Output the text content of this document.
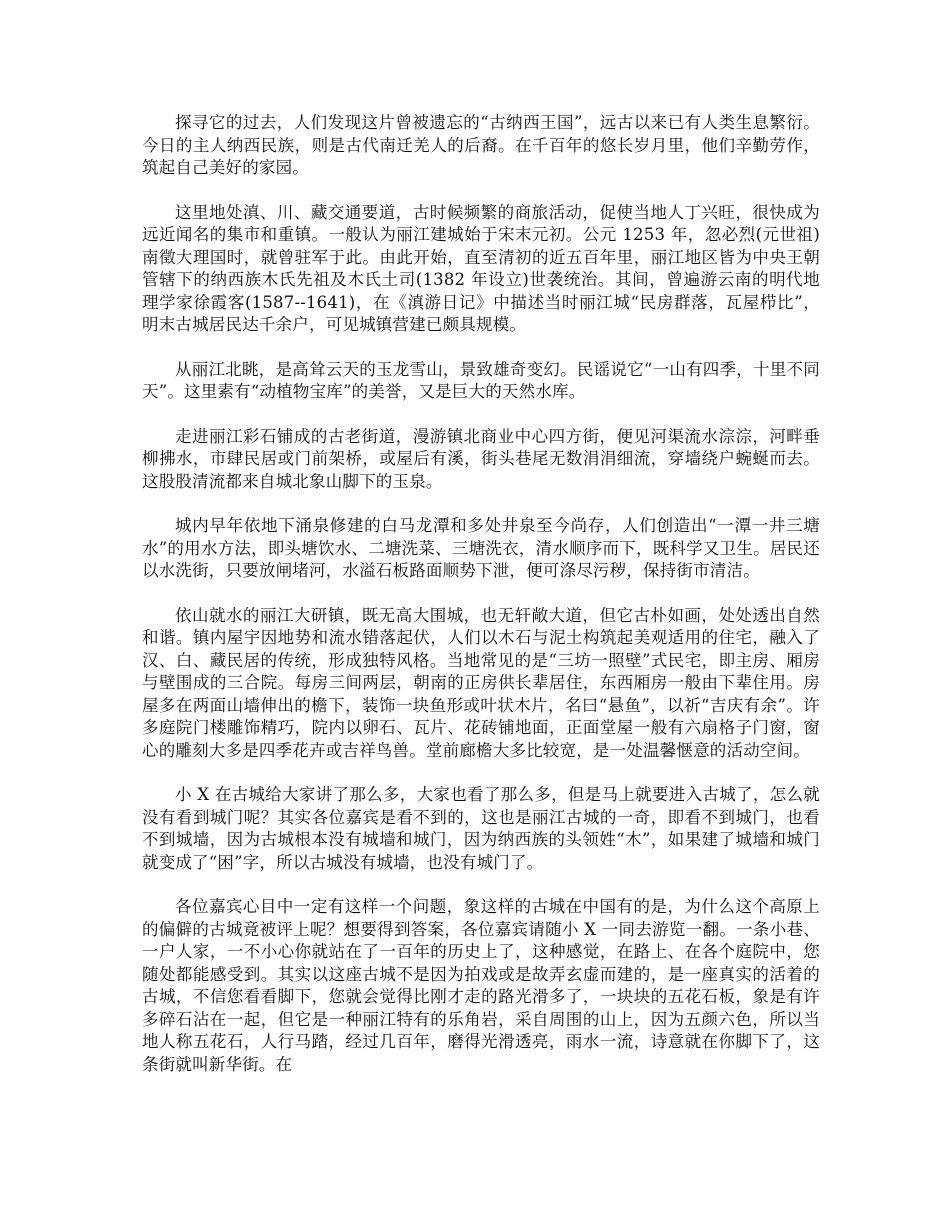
探寻它的过去，人们发现这片曾被遗忘的“古纳西王国”，远古以来已有人类生息繁衍。今日的主人纳西民族，则是古代南迁羌人的后裔。在千百年的悠长岁月里，他们辛勤劳作，筑起自己美好的家园。

这里地处滇、川、藏交通要道，古时候频繁的商旅活动，促使当地人丁兴旺，很快成为远近闻名的集市和重镇。一般认为丽江建城始于宋末元初。公元 1253 年，忽必烈(元世祖)南徵大理国时，就曾驻军于此。由此开始，直至清初的近五百年里，丽江地区皆为中央王朝管辖下的纳西族木氏先祖及木氏土司(1382 年设立)世袭统治。其间，曾遍游云南的明代地理学家徐霞客(1587--1641)，在《滇游日记》中描述当时丽江城“民房群落，瓦屋栉比”，明末古城居民达千余户，可见城镇营建已颇具规模。

从丽江北眺，是高耸云天的玉龙雪山，景致雄奇变幻。民谣说它“一山有四季，十里不同天”。这里素有“动植物宝库”的美誉，又是巨大的天然水库。

走进丽江彩石铺成的古老街道，漫游镇北商业中心四方街，便见河渠流水淙淙，河畔垂柳拂水，市肆民居或门前架桥，或屋后有溪，街头巷尾无数涓涓细流，穿墙绕户蜿蜒而去。这股股清流都来自城北象山脚下的玉泉。

城内早年依地下涌泉修建的白马龙潭和多处井泉至今尚存，人们创造出“一潭一井三塘水”的用水方法，即头塘饮水、二塘洗菜、三塘洗衣，清水顺序而下，既科学又卫生。居民还以水洗街，只要放闸堵河，水溢石板路面顺势下泄，便可涤尽污秽，保持街市清洁。

依山就水的丽江大研镇，既无高大围城，也无轩敞大道，但它古朴如画，处处透出自然和谐。镇内屋宇因地势和流水错落起伏，人们以木石与泥土构筑起美观适用的住宅，融入了汉、白、藏民居的传统，形成独特风格。当地常见的是“三坊一照壁”式民宅，即主房、厢房与壁围成的三合院。每房三间两层，朝南的正房供长辈居住，东西厢房一般由下辈住用。房屋多在两面山墙伸出的檐下，装饰一块鱼形或叶状木片，名曰“悬鱼”，以祈“吉庆有余”。许多庭院门楼雕饰精巧，院内以卵石、瓦片、花砖铺地面，正面堂屋一般有六扇格子门窗，窗心的雕刻大多是四季花卉或吉祥鸟兽。堂前廊檐大多比较宽，是一处温馨惬意的活动空间。

小 X 在古城给大家讲了那么多，大家也看了那么多，但是马上就要进入古城了，怎么就没有看到城门呢？其实各位嘉宾是看不到的，这也是丽江古城的一奇，即看不到城门，也看不到城墙，因为古城根本没有城墙和城门，因为纳西族的头领姓“木”，如果建了城墙和城门就变成了“困”字，所以古城没有城墙，也没有城门了。

各位嘉宾心目中一定有这样一个问题，象这样的古城在中国有的是，为什么这个高原上的偏僻的古城竟被评上呢？想要得到答案，各位嘉宾请随小 X 一同去游览一翻。一条小巷、一户人家，一不小心你就站在了一百年的历史上了，这种感觉，在路上、在各个庭院中，您随处都能感受到。其实以这座古城不是因为拍戏或是故弄玄虚而建的，是一座真实的活着的古城，不信您看看脚下，您就会觉得比刚才走的路光滑多了，一块块的五花石板，象是有许多碎石沾在一起，但它是一种丽江特有的乐角岩，采自周围的山上，因为五颜六色，所以当地人称五花石，人行马踏，经过几百年，磨得光滑透亮，雨水一流，诗意就在你脚下了，这条街就叫新华街。在
